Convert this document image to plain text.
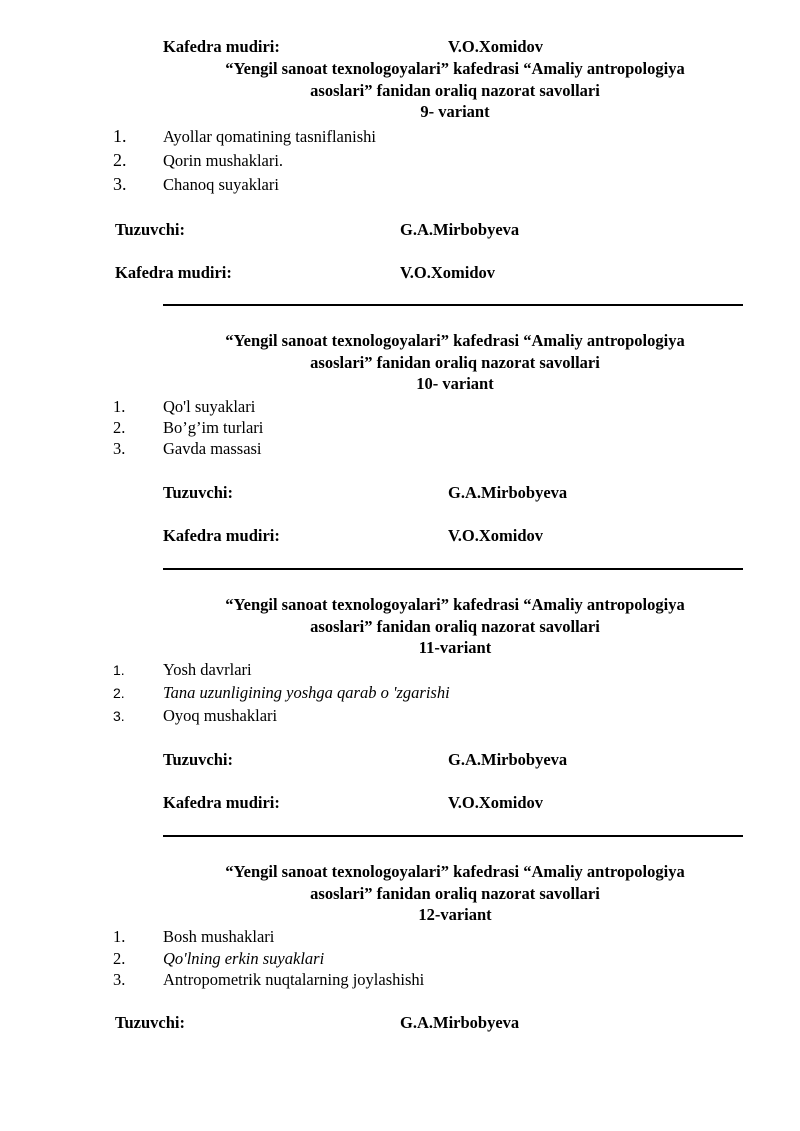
Kafedra mudiri:	V.O.Xomidov
“Yengil sanoat texnologoyalari” kafedrasi “Amaliy antropologiya
asoslari” fanidan oraliq nazorat savollari
9- variant
1. Ayollar qomatining tasniflanishi
2. Qorin mushaklari.
3. Chanoq suyaklari
Tuzuvchi:	G.A.Mirbobyeva
Kafedra mudiri:	V.O.Xomidov
“Yengil sanoat texnologoyalari” kafedrasi “Amaliy antropologiya
asoslari” fanidan oraliq nazorat savollari
10- variant
1. Qo'l suyaklari
2. Bo’g’im turlari
3. Gavda massasi
Tuzuvchi:	G.A.Mirbobyeva
Kafedra mudiri:	V.O.Xomidov
“Yengil sanoat texnologoyalari” kafedrasi “Amaliy antropologiya
asoslari” fanidan oraliq nazorat savollari
11-variant
1. Yosh davrlari
2. Tana uzunligining yoshga qarab o 'zgarishi
3. Oyoq mushaklari
Tuzuvchi:	G.A.Mirbobyeva
Kafedra mudiri:	V.O.Xomidov
“Yengil sanoat texnologoyalari” kafedrasi “Amaliy antropologiya
asoslari” fanidan oraliq nazorat savollari
12-variant
1. Bosh mushaklari
2. Qo'lning erkin suyaklari
3. Antropometrik nuqtalarning joylashishi
Tuzuvchi:	G.A.Mirbobyeva
